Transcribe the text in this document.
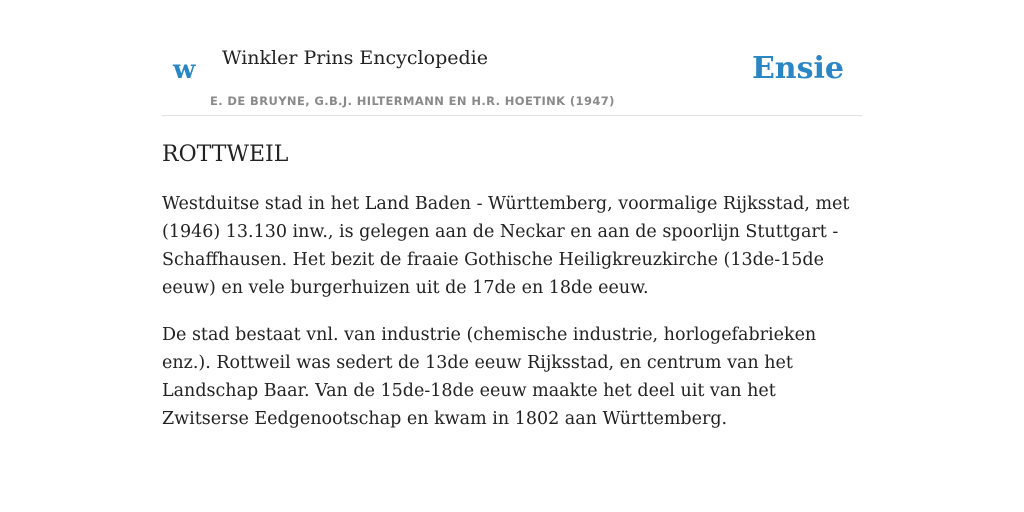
w Winkler Prins Encyclopedie
E. DE BRUYNE, G.B.J. HILTERMANN EN H.R. HOETINK (1947)
Ensie
ROTTWEIL

Westduitse stad in het Land Baden - Württemberg, voormalige Rijksstad, met (1946) 13.130 inw., is gelegen aan de Neckar en aan de spoorlijn Stuttgart - Schaffhausen. Het bezit de fraaie Gothische Heiligkreuzkirche (13de-15de eeuw) en vele burgerhuizen uit de 17de en 18de eeuw.

De stad bestaat vnl. van industrie (chemische industrie, horlogefabrieken enz.). Rottweil was sedert de 13de eeuw Rijksstad, en centrum van het Landschap Baar. Van de 15de-18de eeuw maakte het deel uit van het Zwitserse Eedgenootschap en kwam in 1802 aan Württemberg.
